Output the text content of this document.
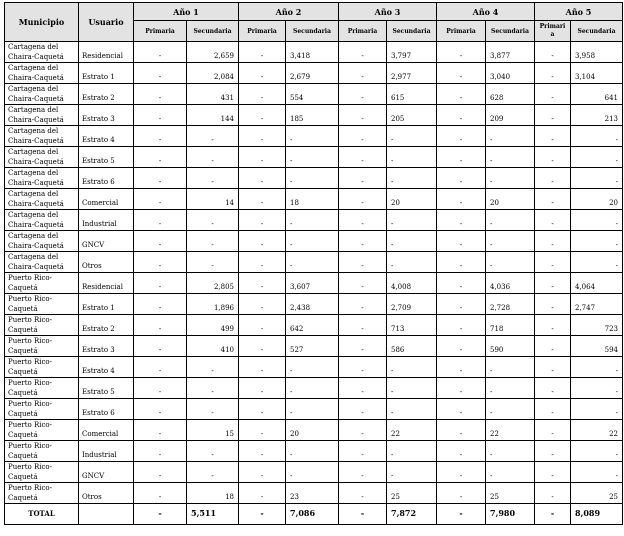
Municipio	Usuario	Año 1		Año 2		Año 3		Año 4		Año 5	
		Primaria	Secundaria	Primaria	Secundaria	Primaria	Secundaria	Primaria	Secundaria	Primari
a	Secundaria
Cartagena del
Chaira-Caquetá	Residencial	-	2,659	-	3,418	-	3,797	-	3,877	-	3,958
Cartagena del
Chaira-Caquetá	Estrato 1	-	2,084	-	2,679	-	2,977	-	3,040	-	3,104
Cartagena del
Chaira-Caquetá	Estrato 2	-	431	-	554	-	615	-	628	-	641
Cartagena del
Chaira-Caquetá	Estrato 3	-	144	-	185	-	205	-	209	-	213
Cartagena del
Chaira-Caquetá	Estrato 4	-	-	-	-	-	-	-	-	-	-
Cartagena del
Chaira-Caquetá	Estrato 5	-	-	-	-	-	-	-	-	-	-
Cartagena del
Chaira-Caquetá	Estrato 6	-	-	-	-	-	-	-	-	-	-
Cartagena del
Chaira-Caquetá	Comercial	-	14	-	18	-	20	-	20	-	20
Cartagena del
Chaira-Caquetá	Industrial	-	-	-	-	-	-	-	-	-	-
Cartagena del
Chaira-Caquetá	GNCV	-	-	-	-	-	-	-	-	-	-
Cartagena del
Chaira-Caquetá	Otros	-	-	-	-	-	-	-	-	-	-
Puerto Rico-
Caquetá	Residencial	-	2,805	-	3,607	-	4,008	-	4,036	-	4,064
Puerto Rico-
Caquetá	Estrato 1	-	1,896	-	2,438	-	2,709	-	2,728	-	2,747
Puerto Rico-
Caquetá	Estrato 2	-	499	-	642	-	713	-	718	-	723
Puerto Rico-
Caquetá	Estrato 3	-	410	-	527	-	586	-	590	-	594
Puerto Rico-
Caquetá	Estrato 4	-	-	-	-	-	-	-	-	-	-
Puerto Rico-
Caquetá	Estrato 5	-	-	-	-	-	-	-	-	-	-
Puerto Rico-
Caquetá	Estrato 6	-	-	-	-	-	-	-	-	-	-
Puerto Rico-
Caquetá	Comercial	-	15	-	20	-	22	-	22	-	22
Puerto Rico-
Caquetá	Industrial	-	-	-	-	-	-	-	-	-	-
Puerto Rico-
Caquetá	GNCV	-	-	-	-	-	-	-	-	-	-
Puerto Rico-
Caquetá	Otros	-	18	-	23	-	25	-	25	-	25
TOTAL		-	5,511	-	7,086	-	7,872	-	7,980	-	8,089
